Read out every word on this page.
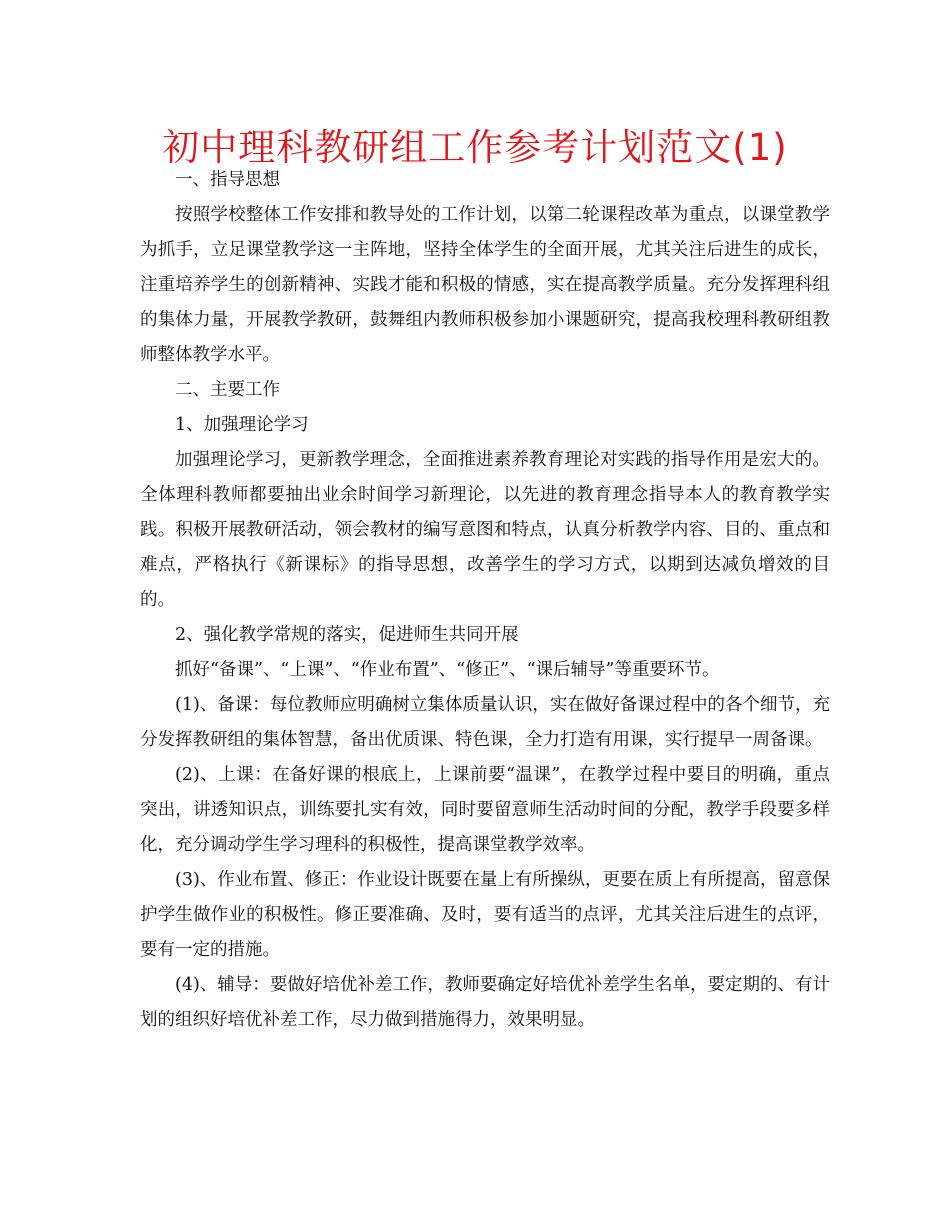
初中理科教研组工作参考计划范文(1)

一、指导思想

按照学校整体工作安排和教导处的工作计划，以第二轮课程改革为重点，以课堂教学为抓手，立足课堂教学这一主阵地，坚持全体学生的全面开展，尤其关注后进生的成长，注重培养学生的创新精神、实践才能和积极的情感，实在提高教学质量。充分发挥理科组的集体力量，开展教学教研，鼓舞组内教师积极参加小课题研究，提高我校理科教研组教师整体教学水平。

二、主要工作

1、加强理论学习

加强理论学习，更新教学理念，全面推进素养教育理论对实践的指导作用是宏大的。全体理科教师都要抽出业余时间学习新理论，以先进的教育理念指导本人的教育教学实践。积极开展教研活动，领会教材的编写意图和特点，认真分析教学内容、目的、重点和难点，严格执行《新课标》的指导思想，改善学生的学习方式，以期到达减负增效的目的。

2、强化教学常规的落实，促进师生共同开展

抓好“备课”、“上课”、“作业布置”、“修正”、“课后辅导”等重要环节。

(1)、备课：每位教师应明确树立集体质量认识，实在做好备课过程中的各个细节，充分发挥教研组的集体智慧，备出优质课、特色课，全力打造有用课，实行提早一周备课。

(2)、上课：在备好课的根底上，上课前要“温课”，在教学过程中要目的明确，重点突出，讲透知识点，训练要扎实有效，同时要留意师生活动时间的分配，教学手段要多样化，充分调动学生学习理科的积极性，提高课堂教学效率。

(3)、作业布置、修正：作业设计既要在量上有所操纵，更要在质上有所提高，留意保护学生做作业的积极性。修正要准确、及时，要有适当的点评，尤其关注后进生的点评，要有一定的措施。

(4)、辅导：要做好培优补差工作，教师要确定好培优补差学生名单，要定期的、有计划的组织好培优补差工作，尽力做到措施得力，效果明显。
